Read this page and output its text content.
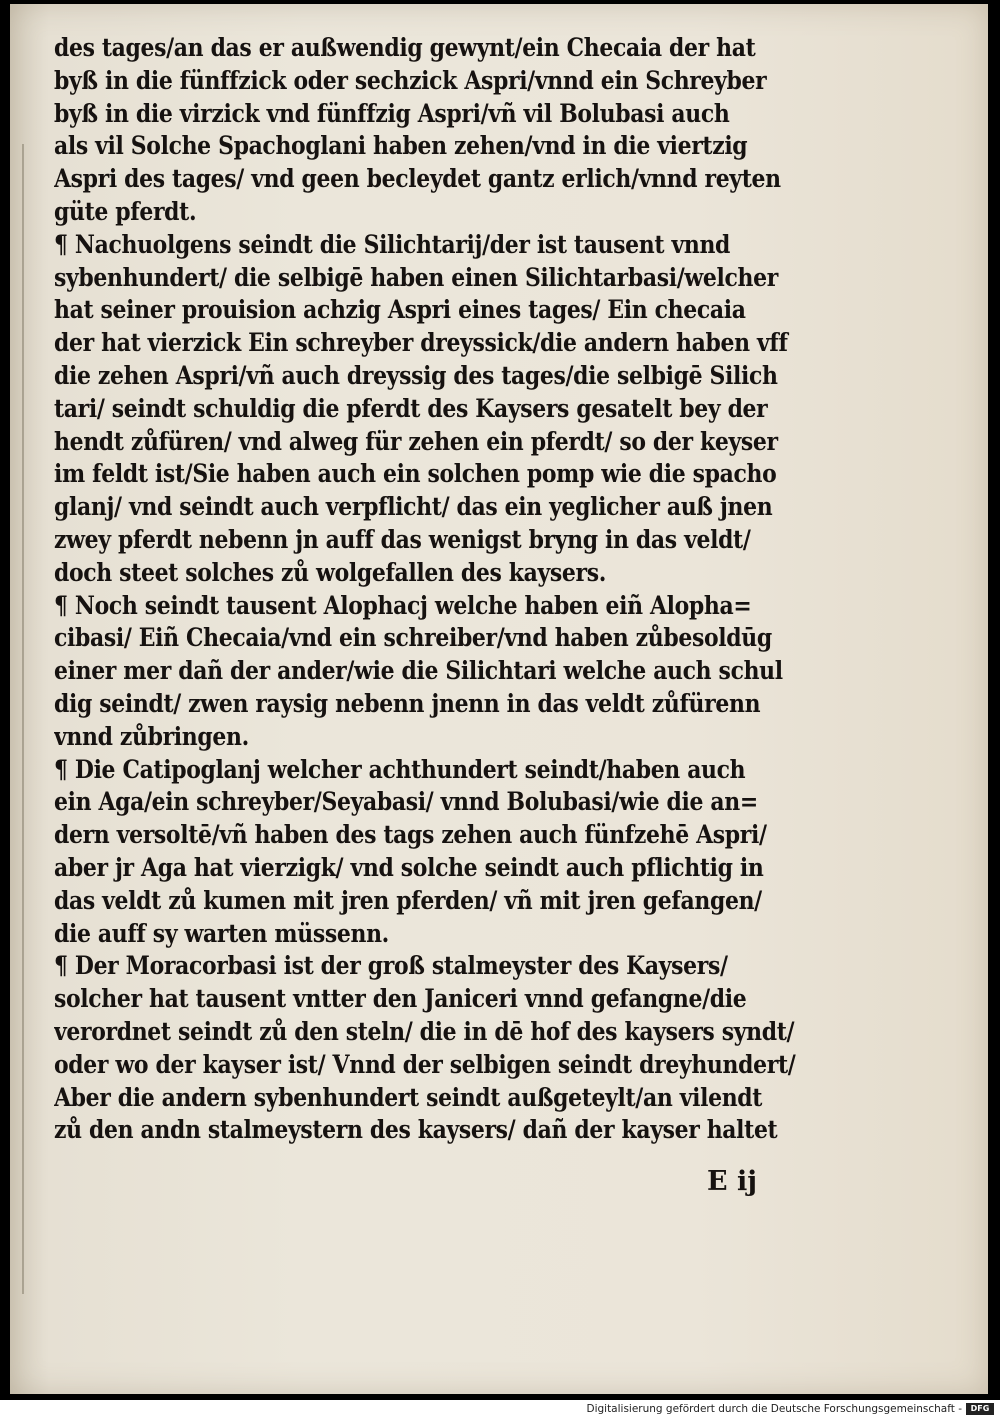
des tages/an das er außwendig gewynt/ein Checaia der hat
byß in die fünffzick oder sechzick Aspri/vnnd ein Schreyber
byß in die virzick vnd fünffzig Aspri/vñ vil Bolubasi auch
als vil Solche Spachoglani haben zehen/vnd in die viertzig
Aspri des tages/ vnd geen becleydet gantz erlich/vnnd reyten
güte pferdt.
¶ Nachuolgens seindt die Silichtarij/der ist tausent vnnd
sybenhundert/ die selbigē haben einen Silichtarbasi/welcher
hat seiner prouision achzig Aspri eines tages/ Ein checaia
der hat vierzick Ein schreyber dreyssick/die andern haben vff
die zehen Aspri/vñ auch dreyssig des tages/die selbigē Silich
tari/ seindt schuldig die pferdt des Kaysers gesatelt bey der
hendt zůfüren/ vnd alweg für zehen ein pferdt/ so der keyser
im feldt ist/Sie haben auch ein solchen pomp wie die spacho
glanj/ vnd seindt auch verpflicht/ das ein yeglicher auß jnen
zwey pferdt nebenn jn auff das wenigst bryng in das veldt/
doch steet solches zů wolgefallen des kaysers.
¶ Noch seindt tausent Alophacj welche haben eiñ Alopha=
cibasi/ Eiñ Checaia/vnd ein schreiber/vnd haben zůbesoldūg
einer mer dañ der ander/wie die Silichtari welche auch schul
dig seindt/ zwen raysig nebenn jnenn in das veldt zůfürenn
vnnd zůbringen.
¶ Die Catipoglanj welcher achthundert seindt/haben auch
ein Aga/ein schreyber/Seyabasi/ vnnd Bolubasi/wie die an=
dern versoltē/vñ haben des tags zehen auch fünfzehē Aspri/
aber jr Aga hat vierzigk/ vnd solche seindt auch pflichtig in
das veldt zů kumen mit jren pferden/ vñ mit jren gefangen/
die auff sy warten müssenn.
¶ Der Moracorbasi ist der groß stalmeyster des Kaysers/
solcher hat tausent vntter den Janiceri vnnd gefangne/die
verordnet seindt zů den steln/ die in dē hof des kaysers syndt/
oder wo der kayser ist/ Vnnd der selbigen seindt dreyhundert/
Aber die andern sybenhundert seindt außgeteylt/an vilendt
zů den andn stalmeystern des kaysers/ dañ der kayser haltet
E ij
Digitalisierung gefördert durch die Deutsche Forschungsgemeinschaft -	DFG
